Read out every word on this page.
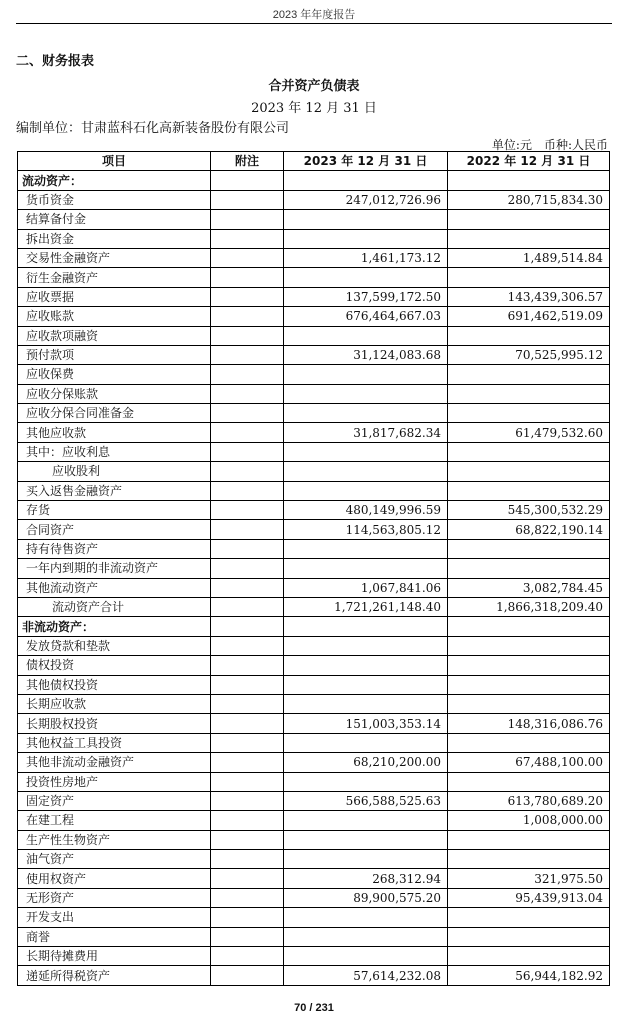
2023 年年度报告
二、财务报表
合并资产负债表
2023 年 12 月 31 日
编制单位：甘肃蓝科石化高新装备股份有限公司
单位:元　币种:人民币
项目	附注	2023 年 12 月 31 日	2022 年 12 月 31 日
流动资产：			
货币资金		247,012,726.96	280,715,834.30
结算备付金			
拆出资金			
交易性金融资产		1,461,173.12	1,489,514.84
衍生金融资产			
应收票据		137,599,172.50	143,439,306.57
应收账款		676,464,667.03	691,462,519.09
应收款项融资			
预付款项		31,124,083.68	70,525,995.12
应收保费			
应收分保账款			
应收分保合同准备金			
其他应收款		31,817,682.34	61,479,532.60
其中：应收利息			
应收股利			
买入返售金融资产			
存货		480,149,996.59	545,300,532.29
合同资产		114,563,805.12	68,822,190.14
持有待售资产			
一年内到期的非流动资产			
其他流动资产		1,067,841.06	3,082,784.45
流动资产合计		1,721,261,148.40	1,866,318,209.40
非流动资产：			
发放贷款和垫款			
债权投资			
其他债权投资			
长期应收款			
长期股权投资		151,003,353.14	148,316,086.76
其他权益工具投资			
其他非流动金融资产		68,210,200.00	67,488,100.00
投资性房地产			
固定资产		566,588,525.63	613,780,689.20
在建工程			1,008,000.00
生产性生物资产			
油气资产			
使用权资产		268,312.94	321,975.50
无形资产		89,900,575.20	95,439,913.04
开发支出			
商誉			
长期待摊费用			
递延所得税资产		57,614,232.08	56,944,182.92
70 / 231
